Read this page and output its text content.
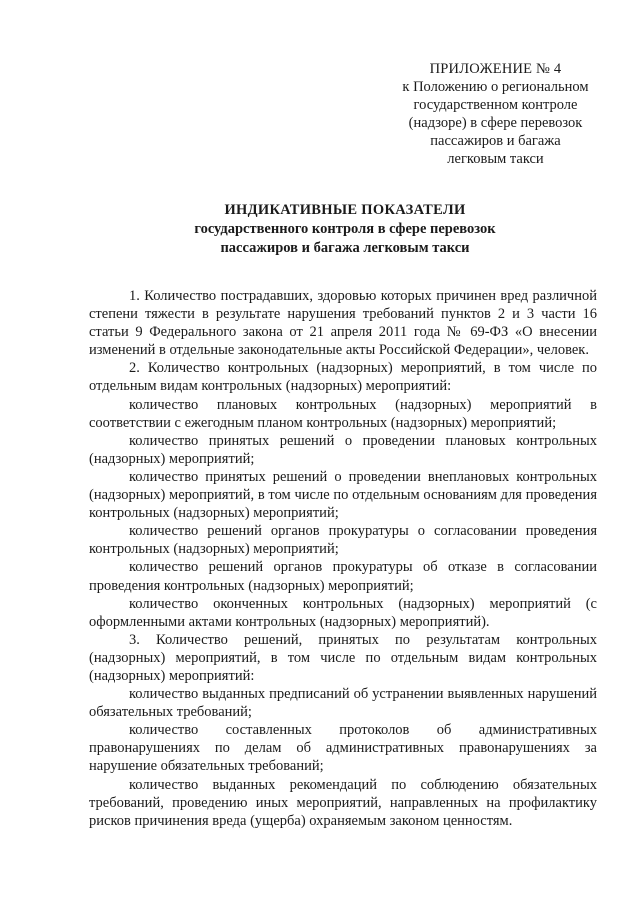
ПРИЛОЖЕНИЕ № 4
к Положению о региональном
государственном контроле
(надзоре) в сфере перевозок
пассажиров и багажа
легковым такси
ИНДИКАТИВНЫЕ ПОКАЗАТЕЛИ
государственного контроля в сфере перевозок
пассажиров и багажа легковым такси

1. Количество пострадавших, здоровью которых причинен вред различной степени тяжести в результате нарушения требований пунктов 2 и 3 части 16 статьи 9 Федерального закона от 21 апреля 2011 года № 69-ФЗ «О внесении изменений в отдельные законодательные акты Российской Федерации», человек.

2. Количество контрольных (надзорных) мероприятий, в том числе по отдельным видам контрольных (надзорных) мероприятий:

количество плановых контрольных (надзорных) мероприятий в соответствии с ежегодным планом контрольных (надзорных) мероприятий;

количество принятых решений о проведении плановых контрольных (надзорных) мероприятий;

количество принятых решений о проведении внеплановых контрольных (надзорных) мероприятий, в том числе по отдельным основаниям для проведения контрольных (надзорных) мероприятий;

количество решений органов прокуратуры о согласовании проведения контрольных (надзорных) мероприятий;

количество решений органов прокуратуры об отказе в согласовании проведения контрольных (надзорных) мероприятий;

количество оконченных контрольных (надзорных) мероприятий (с оформленными актами контрольных (надзорных) мероприятий).

3. Количество решений, принятых по результатам контрольных (надзорных) мероприятий, в том числе по отдельным видам контрольных (надзорных) мероприятий:

количество выданных предписаний об устранении выявленных нарушений обязательных требований;

количество составленных протоколов об административных правонарушениях по делам об административных правонарушениях за нарушение обязательных требований;

количество выданных рекомендаций по соблюдению обязательных требований, проведению иных мероприятий, направленных на профилактику рисков причинения вреда (ущерба) охраняемым законом ценностям.
